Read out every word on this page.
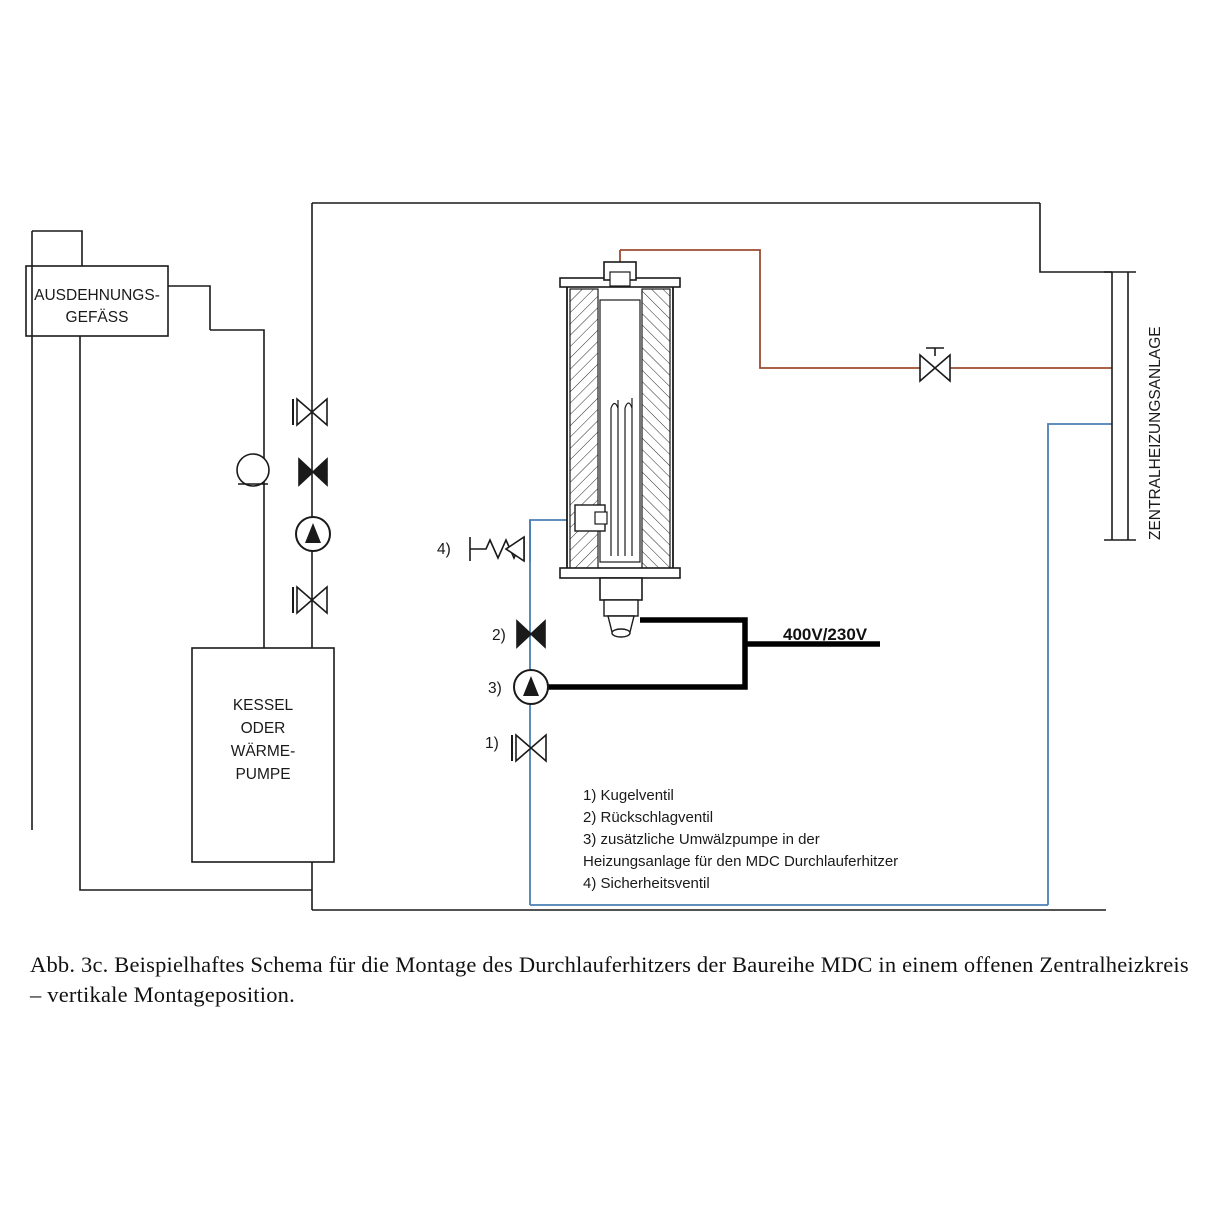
ZENTRALHEIZUNGSANLAGE
400V/230V
AUSDEHNUNGS-
GEFÄSS
KESSEL
ODER
WÄRME-
PUMPE
4)
2)
3)
1)
1) Kugelventil
2) Rückschlagventil
3) zusätzliche Umwälzpumpe in der
Heizungsanlage für den MDC Durchlauferhitzer
4) Sicherheitsventil
Abb. 3c. Beispielhaftes Schema für die Montage des Durchlauferhitzers der Baureihe MDC in einem offenen Zentralheizkreis – vertikale Montageposition.
